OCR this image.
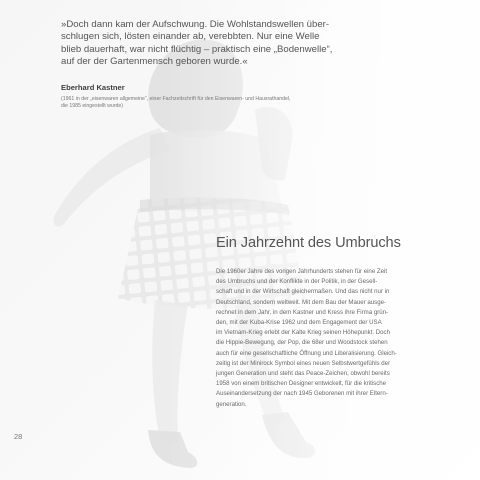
»Doch dann kam der Aufschwung. Die Wohlstandswellen über-

schlugen sich, lösten einander ab, verebbten. Nur eine Welle

blieb dauerhaft, war nicht flüchtig – praktisch eine „Bodenwelle“,

auf der der Gartenmensch geboren wurde.«

Eberhard Kastner
(1961 in der „eisenwaren allgemeine“, einer Fachzeitschrift für den Eisenwaren- und Hausrathandel,
die 1985 eingestellt wurde)
Ein Jahrzehnt des Umbruchs
Die 1960er Jahre des vorigen Jahrhunderts stehen für eine Zeit
des Umbruchs und der Konflikte in der Politik, in der Gesell-
schaft und in der Wirtschaft gleichermaßen. Und das nicht nur in
Deutschland, sondern weltweit. Mit dem Bau der Mauer ausge-
rechnet in dem Jahr, in dem Kastner und Kress ihre Firma grün-
den, mit der Kuba-Krise 1962 und dem Engagement der USA
im Vietnam-Krieg erlebt der Kalte Krieg seinen Höhepunkt. Doch
die Hippie-Bewegung, der Pop, die 68er und Woodstock stehen
auch für eine gesellschaftliche Öffnung und Liberalisierung. Gleich-
zeitig ist der Minirock Symbol eines neuen Selbstwertgefühls der
jungen Generation und steht das Peace-Zeichen, obwohl bereits
1958 von einem britischen Designer entwickelt, für die kritische
Auseinandersetzung der nach 1945 Geborenen mit ihrer Eltern-
generation.
28
